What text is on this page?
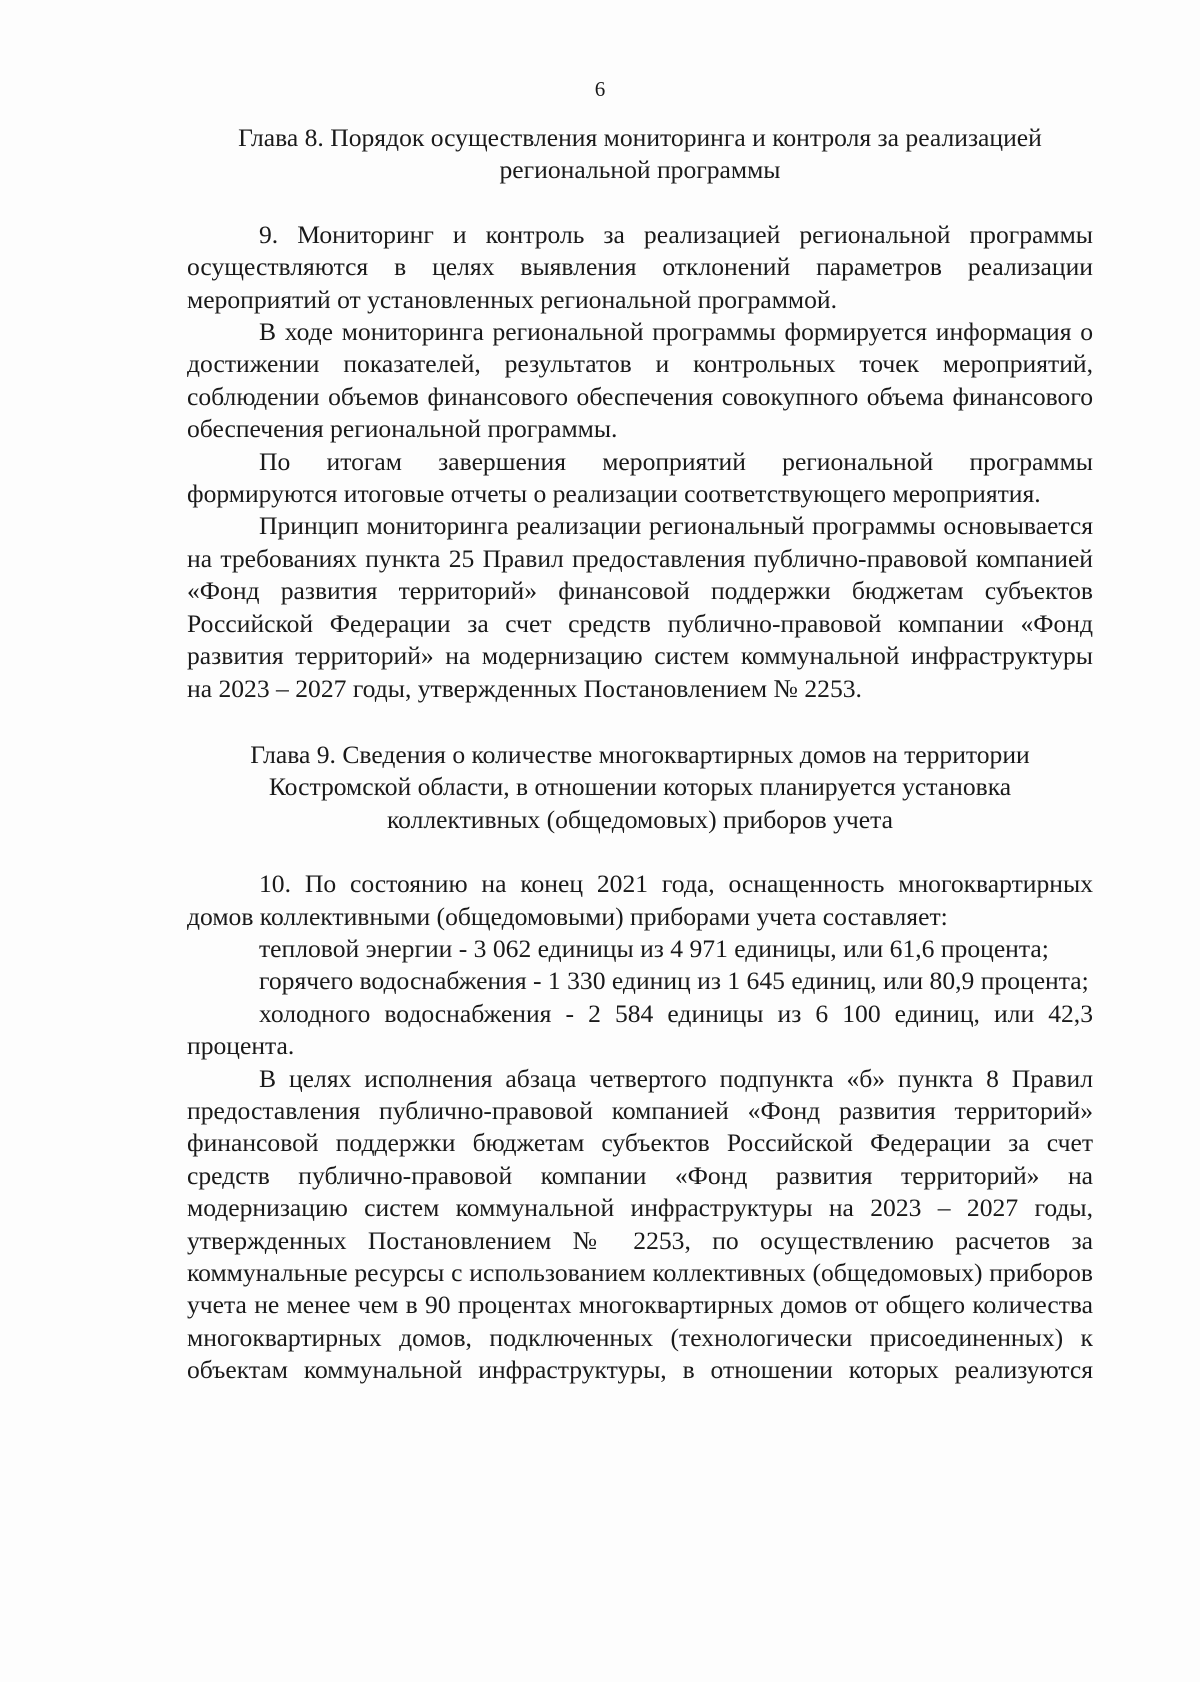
6
Глава 8. Порядок осуществления мониторинга и контроля за реализацией
региональной программы

9. Мониторинг и контроль за реализацией региональной программы осуществляются в целях выявления отклонений параметров реализации мероприятий от установленных региональной программой.

В ходе мониторинга региональной программы формируется информация о достижении показателей, результатов и контрольных точек мероприятий, соблюдении объемов финансового обеспечения совокупного объема финансового обеспечения региональной программы.

По итогам завершения мероприятий региональной программы формируются итоговые отчеты о реализации соответствующего мероприятия.

Принцип мониторинга реализации региональный программы основывается на требованиях пункта 25 Правил предоставления публично-правовой компанией «Фонд развития территорий» финансовой поддержки бюджетам субъектов Российской Федерации за счет средств публично-правовой компании «Фонд развития территорий» на модернизацию систем коммунальной инфраструктуры на 2023 – 2027 годы, утвержденных Постановлением № 2253.

Глава 9. Сведения о количестве многоквартирных домов на территории
Костромской области, в отношении которых планируется установка
коллективных (общедомовых) приборов учета

10. По состоянию на конец 2021 года, оснащенность многоквартирных домов коллективными (общедомовыми) приборами учета составляет:

тепловой энергии - 3 062 единицы из 4 971 единицы, или 61,6 процента;

горячего водоснабжения - 1 330 единиц из 1 645 единиц, или 80,9 процента;

холодного водоснабжения - 2 584 единицы из 6 100 единиц, или 42,3 процента.

В целях исполнения абзаца четвертого подпункта «б» пункта 8 Правил предоставления публично-правовой компанией «Фонд развития территорий» финансовой поддержки бюджетам субъектов Российской Федерации за счет средств публично-правовой компании «Фонд развития территорий» на модернизацию систем коммунальной инфраструктуры на 2023 – 2027 годы, утвержденных Постановлением № 2253, по осуществлению расчетов за коммунальные ресурсы с использованием коллективных (общедомовых) приборов учета не менее чем в 90 процентах многоквартирных домов от общего количества многоквартирных домов, подключенных (технологически присоединенных) к объектам коммунальной инфраструктуры, в отношении которых реализуются
